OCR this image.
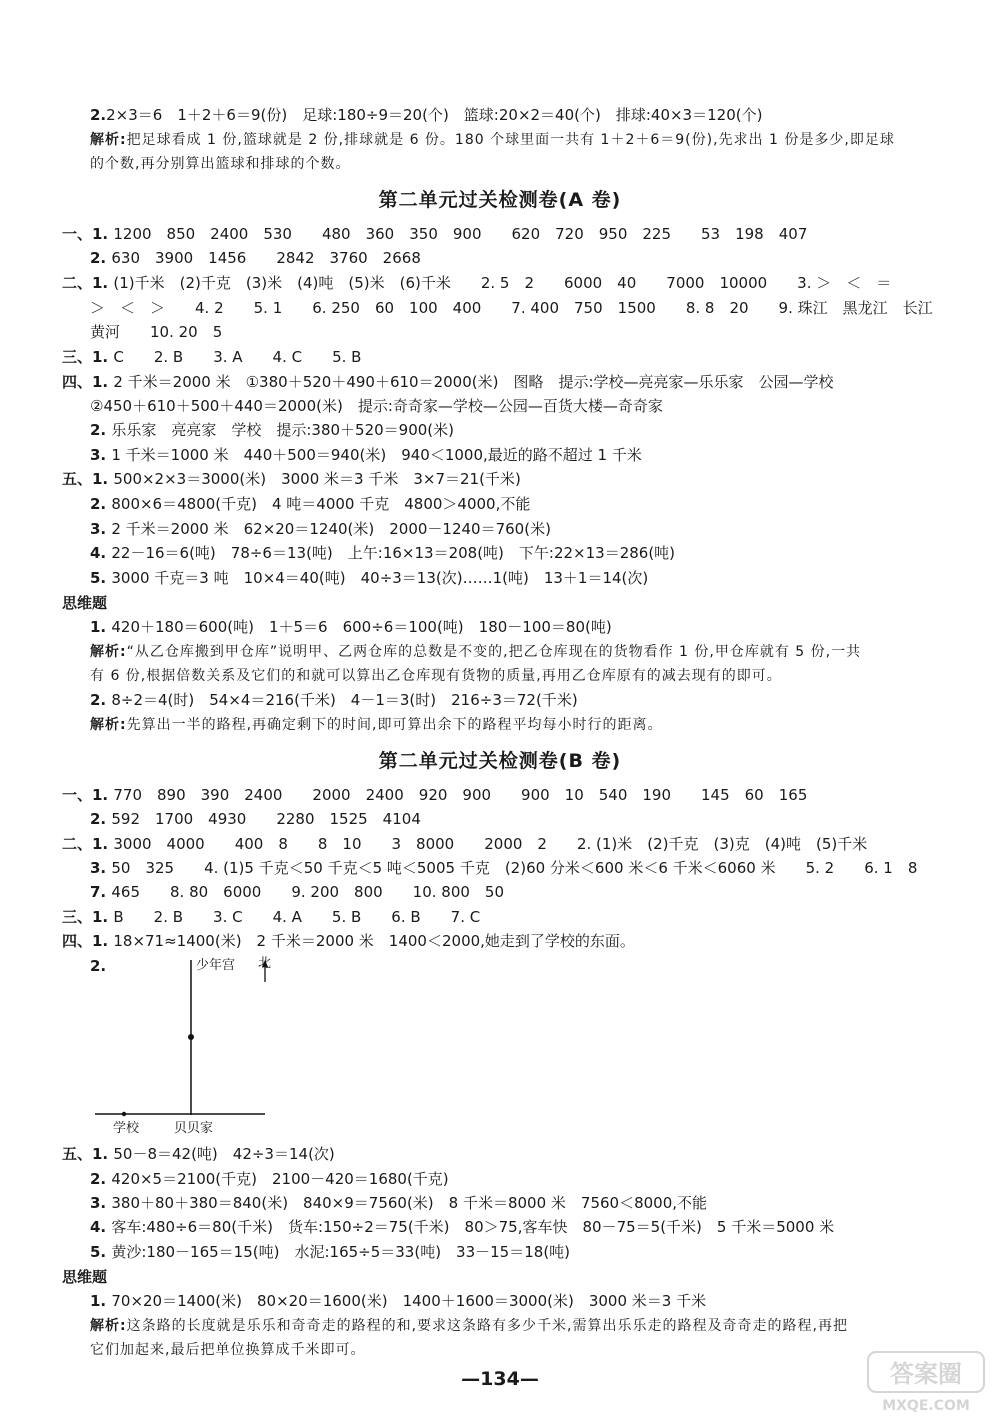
2.2×3＝6　1＋2＋6＝9(份)　足球:180÷9＝20(个)　篮球:20×2＝40(个)　排球:40×3＝120(个)
解析:把足球看成 1 份,篮球就是 2 份,排球就是 6 份。180 个球里面一共有 1＋2＋6＝9(份),先求出 1 份是多少,即足球
的个数,再分别算出篮球和排球的个数。
第二单元过关检测卷(A 卷)
一、1. 1200　850　2400　530　　480　360　350　900　　620　720　950　225　　53　198　407
2. 630　3900　1456　　2842　3760　2668
二、1. (1)千米　(2)千克　(3)米　(4)吨　(5)米　(6)千米　　2. 5　2　　6000　40　　7000　10000　　3. ＞　＜　＝
＞　＜　＞　　4. 2　　5. 1　　6. 250　60　100　400　　7. 400　750　1500　　8. 8　20　　9. 珠江　黑龙江　长江
黄河　　10. 20　5
三、1. C　　2. B　　3. A　　4. C　　5. B
四、1. 2 千米＝2000 米　①380＋520＋490＋610＝2000(米)　图略　提示:学校—亮亮家—乐乐家　公园—学校
②450＋610＋500＋440＝2000(米)　提示:奇奇家—学校—公园—百货大楼—奇奇家
2. 乐乐家　亮亮家　学校　提示:380＋520＝900(米)
3. 1 千米＝1000 米　440＋500＝940(米)　940＜1000,最近的路不超过 1 千米
五、1. 500×2×3＝3000(米)　3000 米＝3 千米　3×7＝21(千米)
2. 800×6＝4800(千克)　4 吨＝4000 千克　4800＞4000,不能
3. 2 千米＝2000 米　62×20＝1240(米)　2000－1240＝760(米)
4. 22－16＝6(吨)　78÷6＝13(吨)　上午:16×13＝208(吨)　下午:22×13＝286(吨)
5. 3000 千克＝3 吨　10×4＝40(吨)　40÷3＝13(次)……1(吨)　13＋1＝14(次)
思维题
1. 420＋180＝600(吨)　1＋5＝6　600÷6＝100(吨)　180－100＝80(吨)
解析:“从乙仓库搬到甲仓库”说明甲、乙两仓库的总数是不变的,把乙仓库现在的货物看作 1 份,甲仓库就有 5 份,一共
有 6 份,根据倍数关系及它们的和就可以算出乙仓库现有货物的质量,再用乙仓库原有的减去现有的即可。
2. 8÷2＝4(时)　54×4＝216(千米)　4－1＝3(时)　216÷3＝72(千米)
解析:先算出一半的路程,再确定剩下的时间,即可算出余下的路程平均每小时行的距离。
第二单元过关检测卷(B 卷)
一、1. 770　890　390　2400　　2000　2400　920　900　　900　10　540　190　　145　60　165
2. 592　1700　4930　　2280　1525　4104
二、1. 3000　4000　　400　8　　8　10　　3　8000　　2000　2　　2. (1)米　(2)千克　(3)克　(4)吨　(5)千米
3. 50　325　　4. (1)5 千克＜50 千克＜5 吨＜5005 千克　(2)60 分米＜600 米＜6 千米＜6060 米　　5. 2　　6. 1　8
7. 465　　8. 80　6000　　9. 200　800　　10. 800　50
三、1. B　　2. B　　3. C　　4. A　　5. B　　6. B　　7. C
四、1. 18×71≈1400(米)　2 千米＝2000 米　1400＜2000,她走到了学校的东面。
2.	少年宫 北
学校	贝贝家
五、1. 50－8＝42(吨)　42÷3＝14(次)
2. 420×5＝2100(千克)　2100－420＝1680(千克)
3. 380＋80＋380＝840(米)　840×9＝7560(米)　8 千米＝8000 米　7560＜8000,不能
4. 客车:480÷6＝80(千米)　货车:150÷2＝75(千米)　80＞75,客车快　80－75＝5(千米)　5 千米＝5000 米
5. 黄沙:180－165＝15(吨)　水泥:165÷5＝33(吨)　33－15＝18(吨)
思维题
1. 70×20＝1400(米)　80×20＝1600(米)　1400＋1600＝3000(米)　3000 米＝3 千米
解析:这条路的长度就是乐乐和奇奇走的路程的和,要求这条路有多少千米,需算出乐乐走的路程及奇奇走的路程,再把
它们加起来,最后把单位换算成千米即可。
—134—	答案圈
MXQE.COM
